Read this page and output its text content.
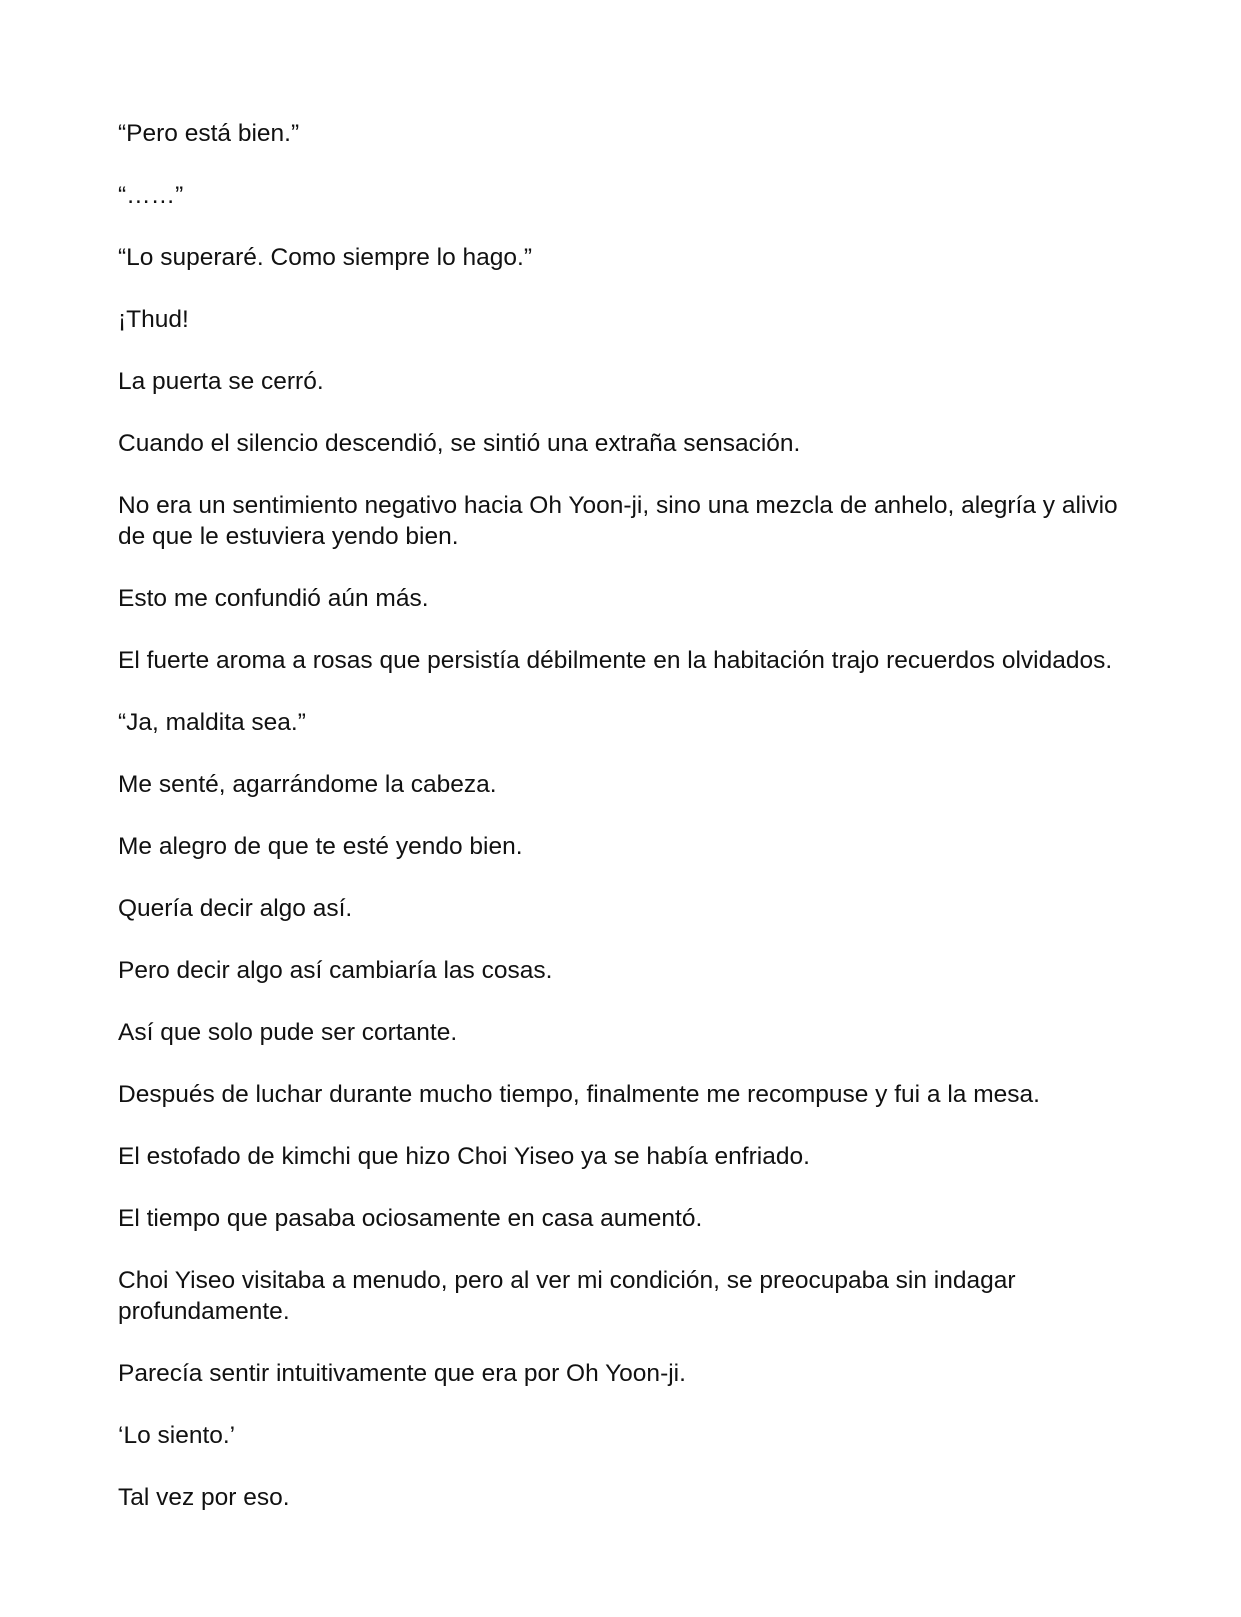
“Pero está bien.”

“……”

“Lo superaré. Como siempre lo hago.”

¡Thud!

La puerta se cerró.

Cuando el silencio descendió, se sintió una extraña sensación.

No era un sentimiento negativo hacia Oh Yoon-ji, sino una mezcla de anhelo, alegría y alivio de que le estuviera yendo bien.

Esto me confundió aún más.

El fuerte aroma a rosas que persistía débilmente en la habitación trajo recuerdos olvidados.

“Ja, maldita sea.”

Me senté, agarrándome la cabeza.

Me alegro de que te esté yendo bien.

Quería decir algo así.

Pero decir algo así cambiaría las cosas.

Así que solo pude ser cortante.

Después de luchar durante mucho tiempo, finalmente me recompuse y fui a la mesa.

El estofado de kimchi que hizo Choi Yiseo ya se había enfriado.

El tiempo que pasaba ociosamente en casa aumentó.

Choi Yiseo visitaba a menudo, pero al ver mi condición, se preocupaba sin indagar profundamente.

Parecía sentir intuitivamente que era por Oh Yoon-ji.

‘Lo siento.’

Tal vez por eso.
